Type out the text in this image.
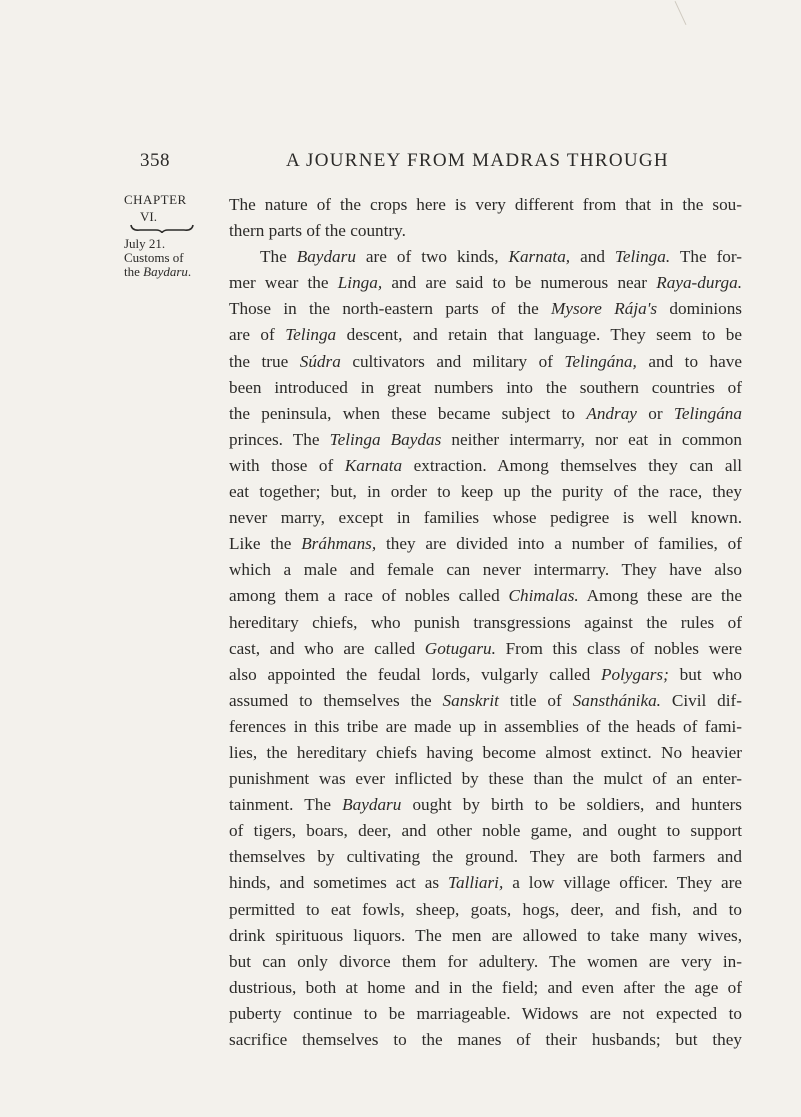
358	A JOURNEY FROM MADRAS THROUGH
CHAPTER
VI.
July 21.
Customs of
the Baydaru.
The nature of the crops here is very different from that in the sou-
thern parts of the country.
The Baydaru are of two kinds, Karnata, and Telinga. The for-
mer wear the Linga, and are said to be numerous near Raya-durga.
Those in the north-eastern parts of the Mysore Rája's dominions
are of Telinga descent, and retain that language. They seem to be
the true Súdra cultivators and military of Telingána, and to have
been introduced in great numbers into the southern countries of
the peninsula, when these became subject to Andray or Telingána
princes. The Telinga Baydas neither intermarry, nor eat in common
with those of Karnata extraction. Among themselves they can all
eat together; but, in order to keep up the purity of the race, they
never marry, except in families whose pedigree is well known.
Like the Bráhmans, they are divided into a number of families, of
which a male and female can never intermarry. They have also
among them a race of nobles called Chimalas. Among these are the
hereditary chiefs, who punish transgressions against the rules of
cast, and who are called Gotugaru. From this class of nobles were
also appointed the feudal lords, vulgarly called Polygars; but who
assumed to themselves the Sanskrit title of Sansthánika. Civil dif-
ferences in this tribe are made up in assemblies of the heads of fami-
lies, the hereditary chiefs having become almost extinct. No heavier
punishment was ever inflicted by these than the mulct of an enter-
tainment. The Baydaru ought by birth to be soldiers, and hunters
of tigers, boars, deer, and other noble game, and ought to support
themselves by cultivating the ground. They are both farmers and
hinds, and sometimes act as Talliari, a low village officer. They are
permitted to eat fowls, sheep, goats, hogs, deer, and fish, and to
drink spirituous liquors. The men are allowed to take many wives,
but can only divorce them for adultery. The women are very in-
dustrious, both at home and in the field; and even after the age of
puberty continue to be marriageable. Widows are not expected to
sacrifice themselves to the manes of their husbands; but they
